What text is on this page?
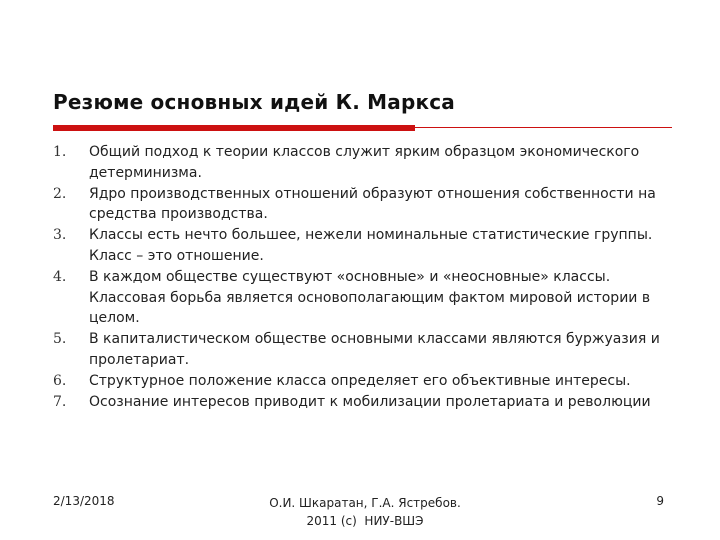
Резюме основных идей К. Маркса
1. Общий подход к теории классов служит ярким образцом экономического детерминизма.
2. Ядро производственных отношений образуют отношения собственности на средства производства.
3. Классы есть нечто большее, нежели номинальные статистические группы. Класс – это отношение.
4. В каждом обществе существуют «основные» и «неосновные» классы. Классовая борьба является основополагающим фактом мировой истории в целом.
5. В капиталистическом обществе основными классами являются буржуазия и пролетариат.
6. Структурное положение класса определяет его объективные интересы.
7. Осознание интересов приводит к мобилизации пролетариата и революции
2/13/2018	О.И. Шкаратан, Г.А. Ястребов.
2011 (c)  НИУ-ВШЭ
9
